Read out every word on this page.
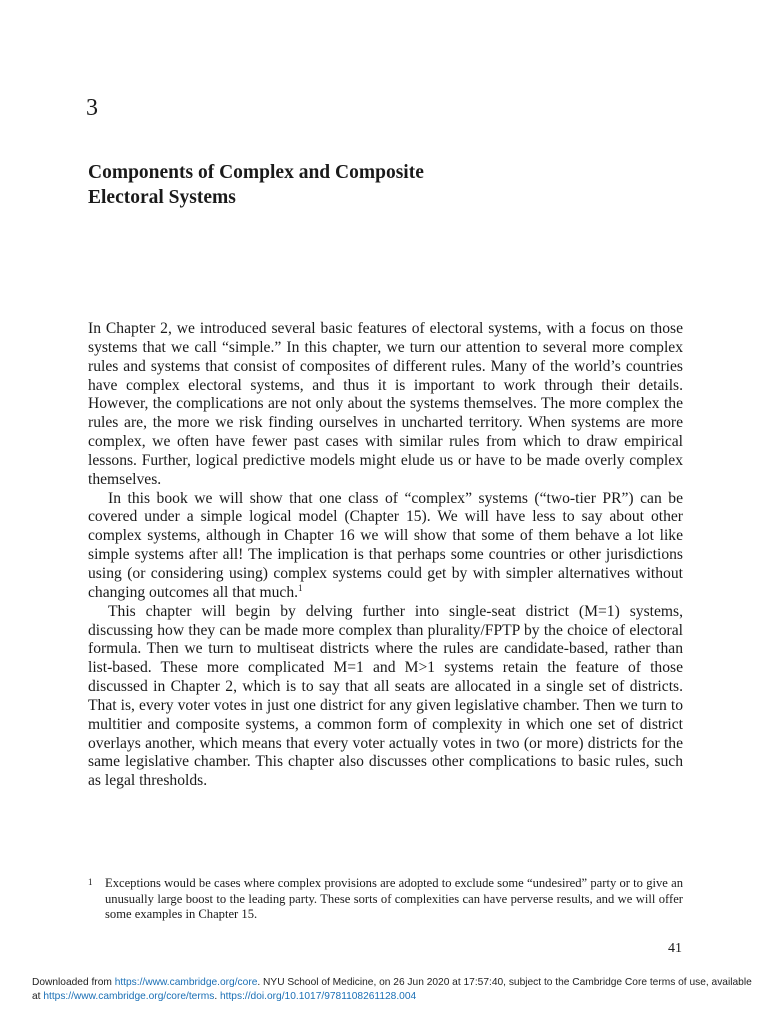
3
Components of Complex and Composite
Electoral Systems

In Chapter 2, we introduced several basic features of electoral systems, with a focus on those systems that we call “simple.” In this chapter, we turn our attention to several more complex rules and systems that consist of composites of different rules. Many of the world’s countries have complex electoral systems, and thus it is important to work through their details. However, the complications are not only about the systems themselves. The more complex the rules are, the more we risk finding ourselves in uncharted territory. When systems are more complex, we often have fewer past cases with similar rules from which to draw empirical lessons. Further, logical predictive models might elude us or have to be made overly complex themselves.

In this book we will show that one class of “complex” systems (“two-tier PR”) can be covered under a simple logical model (Chapter 15). We will have less to say about other complex systems, although in Chapter 16 we will show that some of them behave a lot like simple systems after all! The implication is that perhaps some countries or other jurisdictions using (or considering using) complex systems could get by with simpler alternatives without changing outcomes all that much.$^1$

This chapter will begin by delving further into single-seat district (M=1) systems, discussing how they can be made more complex than plurality/FPTP by the choice of electoral formula. Then we turn to multiseat districts where the rules are candidate-based, rather than list-based. These more complicated M=1 and M>1 systems retain the feature of those discussed in Chapter 2, which is to say that all seats are allocated in a single set of districts. That is, every voter votes in just one district for any given legislative chamber. Then we turn to multitier and composite systems, a common form of complexity in which one set of district overlays another, which means that every voter actually votes in two (or more) districts for the same legislative chamber. This chapter also discusses other complications to basic rules, such as legal thresholds.

1 Exceptions would be cases where complex provisions are adopted to exclude some “undesired” party or to give an unusually large boost to the leading party. These sorts of complexities can have perverse results, and we will offer some examples in Chapter 15.
41
Downloaded from https://www.cambridge.org/core. NYU School of Medicine, on 26 Jun 2020 at 17:57:40, subject to the Cambridge Core terms of use, available at https://www.cambridge.org/core/terms. https://doi.org/10.1017/9781108261128.004
